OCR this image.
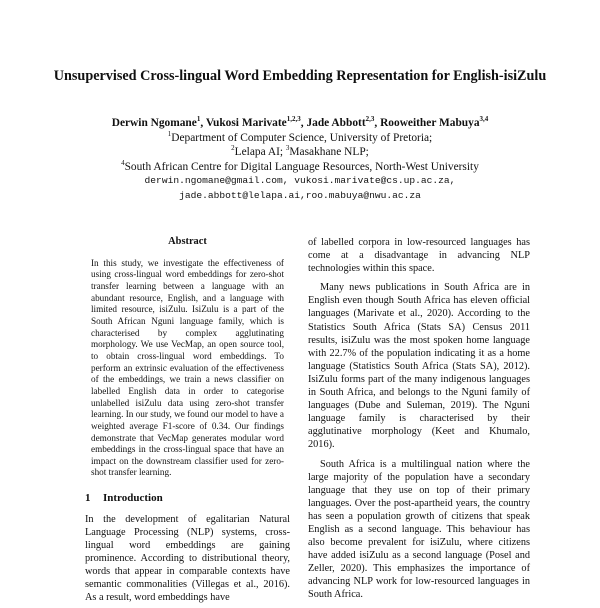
Unsupervised Cross-lingual Word Embedding Representation for English-isiZulu
Derwin Ngomane$^1$, Vukosi Marivate$^{1,2,3}$, Jade Abbott$^{2,3}$, Rooweither Mabuya$^{3,4}$
$^1$Department of Computer Science, University of Pretoria;
$^2$Lelapa AI; $^3$Masakhane NLP;
$^4$South African Centre for Digital Language Resources, North-West University
derwin.ngomane@gmail.com, vukosi.marivate@cs.up.ac.za,
jade.abbott@lelapa.ai,roo.mabuya@nwu.ac.za
Abstract
In this study, we investigate the effectiveness of using cross-lingual word embeddings for zero-shot transfer learning between a language with an abundant resource, English, and a language with limited resource, isiZulu. IsiZulu is a part of the South African Nguni language family, which is characterised by complex agglutinating morphology. We use VecMap, an open source tool, to obtain cross-lingual word embeddings. To perform an extrinsic evaluation of the effectiveness of the embeddings, we train a news classifier on labelled English data in order to categorise unlabelled isiZulu data using zero-shot transfer learning. In our study, we found our model to have a weighted average F1-score of 0.34. Our findings demonstrate that VecMap generates modular word embeddings in the cross-lingual space that have an impact on the downstream classifier used for zero-shot transfer learning.
1 Introduction

In the development of egalitarian Natural Language Processing (NLP) systems, cross-lingual word embeddings are gaining prominence. According to distributional theory, words that appear in comparable contexts have semantic commonalities (Villegas et al., 2016). As a result, word embeddings have

of labelled corpora in low-resourced languages has come at a disadvantage in advancing NLP technologies within this space.

Many news publications in South Africa are in English even though South Africa has eleven official languages (Marivate et al., 2020). According to the Statistics South Africa (Stats SA) Census 2011 results, isiZulu was the most spoken home language with 22.7% of the population indicating it as a home language (Statistics South Africa (Stats SA), 2012). IsiZulu forms part of the many indigenous languages in South Africa, and belongs to the Nguni family of languages (Dube and Suleman, 2019). The Nguni language family is characterised by their agglutinative morphology (Keet and Khumalo, 2016).

South Africa is a multilingual nation where the large majority of the population have a secondary language that they use on top of their primary languages. Over the post-apartheid years, the country has seen a population growth of citizens that speak English as a second language. This behaviour has also become prevalent for isiZulu, where citizens have added isiZulu as a second language (Posel and Zeller, 2020). This emphasizes the importance of advancing NLP work for low-resourced languages in South Africa.
